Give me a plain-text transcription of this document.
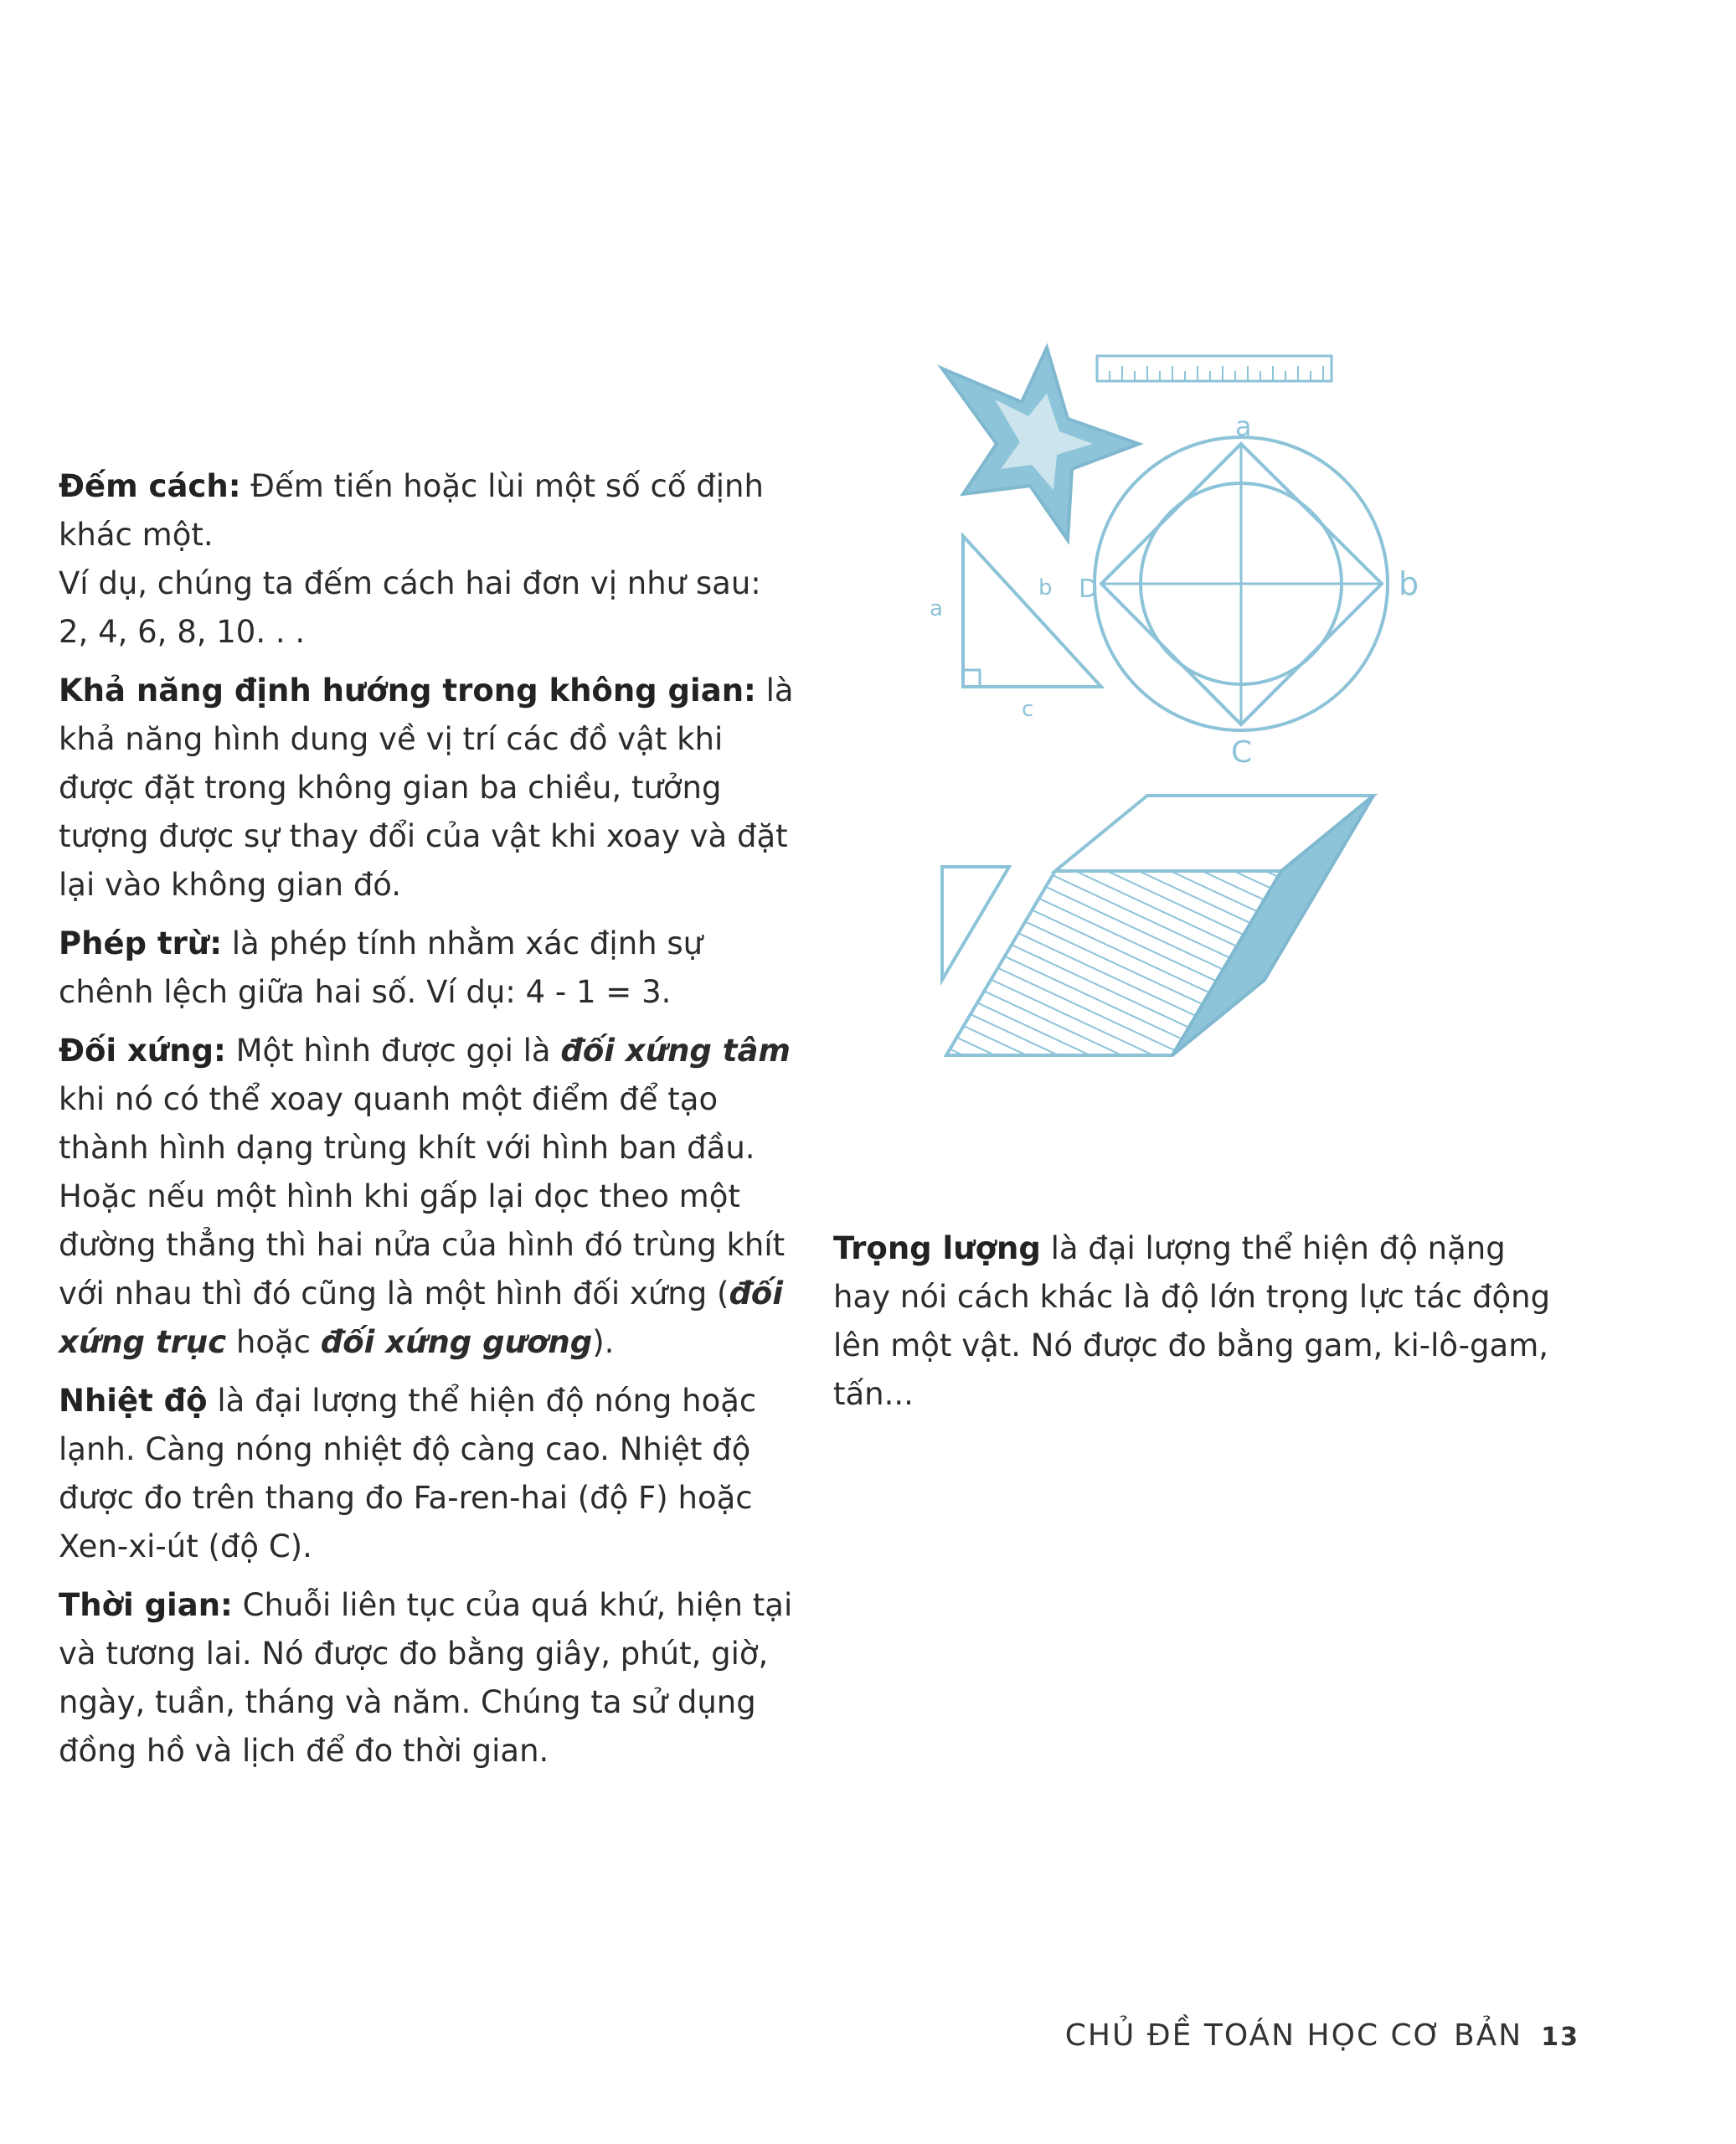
Đếm cách: Đếm tiến hoặc lùi một số cố định khác một.
Ví dụ, chúng ta đếm cách hai đơn vị như sau: 2, 4, 6, 8, 10. . .

Khả năng định hướng trong không gian: là khả năng hình dung về vị trí các đồ vật khi được đặt trong không gian ba chiều, tưởng tượng được sự thay đổi của vật khi xoay và đặt lại vào không gian đó.

Phép trừ: là phép tính nhằm xác định sự chênh lệch giữa hai số. Ví dụ: 4 - 1 = 3.

Đối xứng: Một hình được gọi là đối xứng tâm khi nó có thể xoay quanh một điểm để tạo thành hình dạng trùng khít với hình ban đầu. Hoặc nếu một hình khi gấp lại dọc theo một đường thẳng thì hai nửa của hình đó trùng khít với nhau thì đó cũng là một hình đối xứng (đối xứng trục hoặc đối xứng gương).

Nhiệt độ là đại lượng thể hiện độ nóng hoặc lạnh. Càng nóng nhiệt độ càng cao. Nhiệt độ được đo trên thang đo Fa-ren-hai (độ F) hoặc Xen-xi-út (độ C).

Thời gian: Chuỗi liên tục của quá khứ, hiện tại và tương lai. Nó được đo bằng giây, phút, giờ, ngày, tuần, tháng và năm. Chúng ta sử dụng đồng hồ và lịch để đo thời gian.

a
b
D
C
a
b
c

Trọng lượng là đại lượng thể hiện độ nặng hay nói cách khác là độ lớn trọng lực tác động lên một vật. Nó được đo bằng gam, ki-lô-gam, tấn...

CHỦ ĐỀ TOÁN HỌC CƠ BẢN 13
